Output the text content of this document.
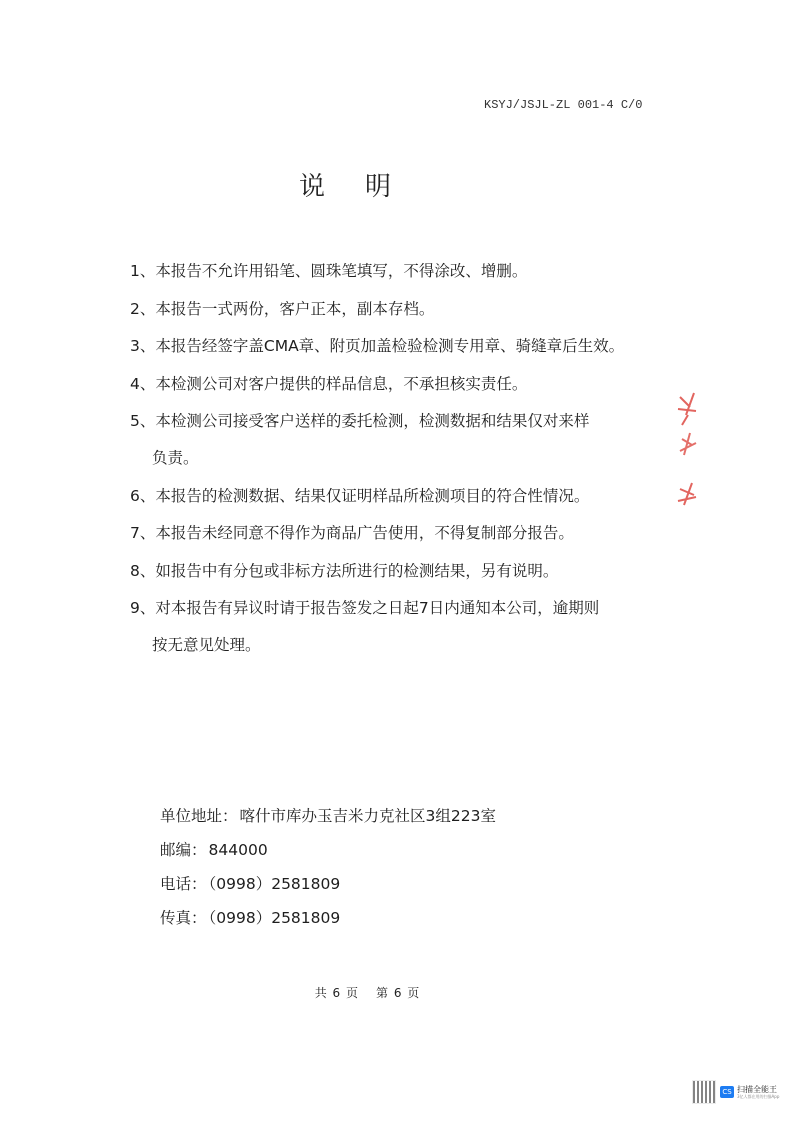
KSYJ/JSJL-ZL 001-4 C/0
说明
1、本报告不允许用铅笔、圆珠笔填写，不得涂改、增删。
2、本报告一式两份，客户正本，副本存档。
3、本报告经签字盖CMA章、附页加盖检验检测专用章、骑缝章后生效。
4、本检测公司对客户提供的样品信息，不承担核实责任。
5、本检测公司接受客户送样的委托检测，检测数据和结果仅对来样
负责。
6、本报告的检测数据、结果仅证明样品所检测项目的符合性情况。
7、本报告未经同意不得作为商品广告使用，不得复制部分报告。
8、如报告中有分包或非标方法所进行的检测结果，另有说明。
9、对本报告有异议时请于报告签发之日起7日内通知本公司，逾期则
按无意见处理。
单位地址： 喀什市库办玉吉米力克社区3组223室
邮编： 844000
电话： （0998）2581809
传真： （0998）2581809
共 6 页 第 6 页
CS 扫描全能王
3亿人都在用的扫描App
